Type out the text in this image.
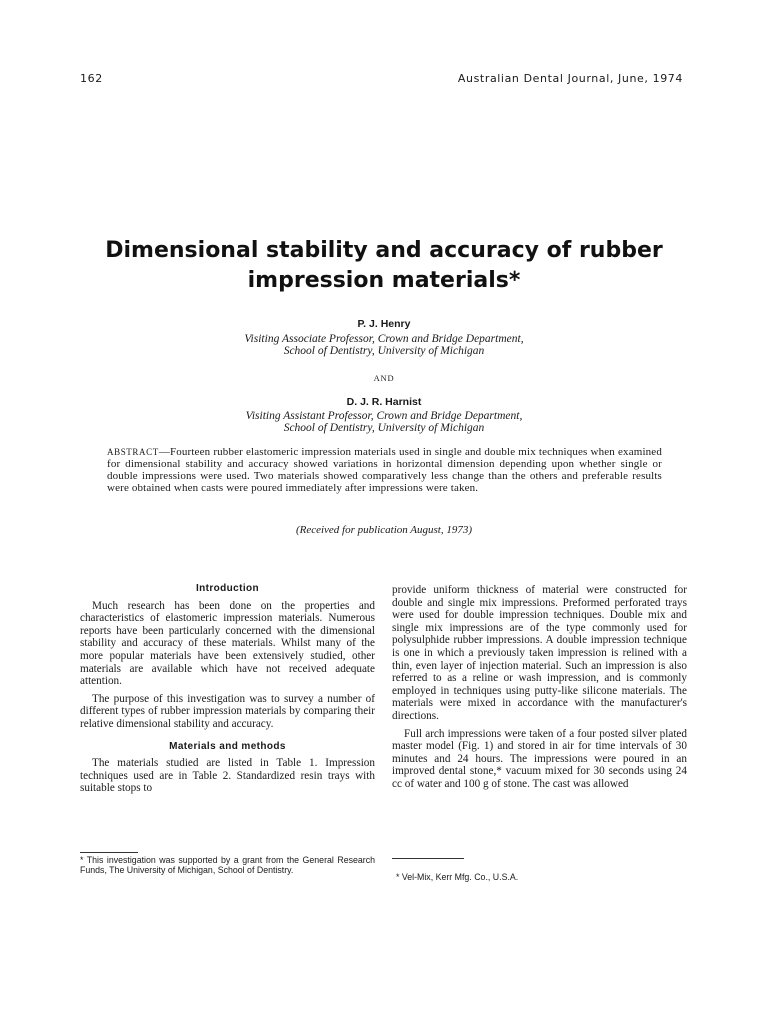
162	Australian Dental Journal, June, 1974
Dimensional stability and accuracy of rubber impression materials*
P. J. Henry
Visiting Associate Professor, Crown and Bridge Department,
School of Dentistry, University of Michigan
AND
D. J. R. Harnist
Visiting Assistant Professor, Crown and Bridge Department,
School of Dentistry, University of Michigan
ABSTRACT—Fourteen rubber elastomeric impression materials used in single and double mix techniques when examined for dimensional stability and accuracy showed variations in horizontal dimension depending upon whether single or double impressions were used. Two materials showed comparatively less change than the others and preferable results were obtained when casts were poured immediately after impressions were taken.
(Received for publication August, 1973)
Introduction

Much research has been done on the properties and characteristics of elastomeric impression materials. Numerous reports have been particularly concerned with the dimensional stability and accuracy of these materials. Whilst many of the more popular materials have been extensively studied, other materials are available which have not received adequate attention.

The purpose of this investigation was to survey a number of different types of rubber impression materials by comparing their relative dimensional stability and accuracy.

Materials and methods

The materials studied are listed in Table 1. Impression techniques used are in Table 2. Standardized resin trays with suitable stops to

provide uniform thickness of material were constructed for double and single mix impressions. Preformed perforated trays were used for double impression techniques. Double mix and single mix impressions are of the type commonly used for polysulphide rubber impressions. A double impression technique is one in which a previously taken impression is relined with a thin, even layer of injection material. Such an impression is also referred to as a reline or wash impression, and is commonly employed in techniques using putty-like silicone materials. The materials were mixed in accordance with the manufacturer's directions.

Full arch impressions were taken of a four posted silver plated master model (Fig. 1) and stored in air for time intervals of 30 minutes and 24 hours. The impressions were poured in an improved dental stone,* vacuum mixed for 30 seconds using 24 cc of water and 100 g of stone. The cast was allowed

* This investigation was supported by a grant from the General Research Funds, The University of Michigan, School of Dentistry.
* Vel-Mix, Kerr Mfg. Co., U.S.A.
